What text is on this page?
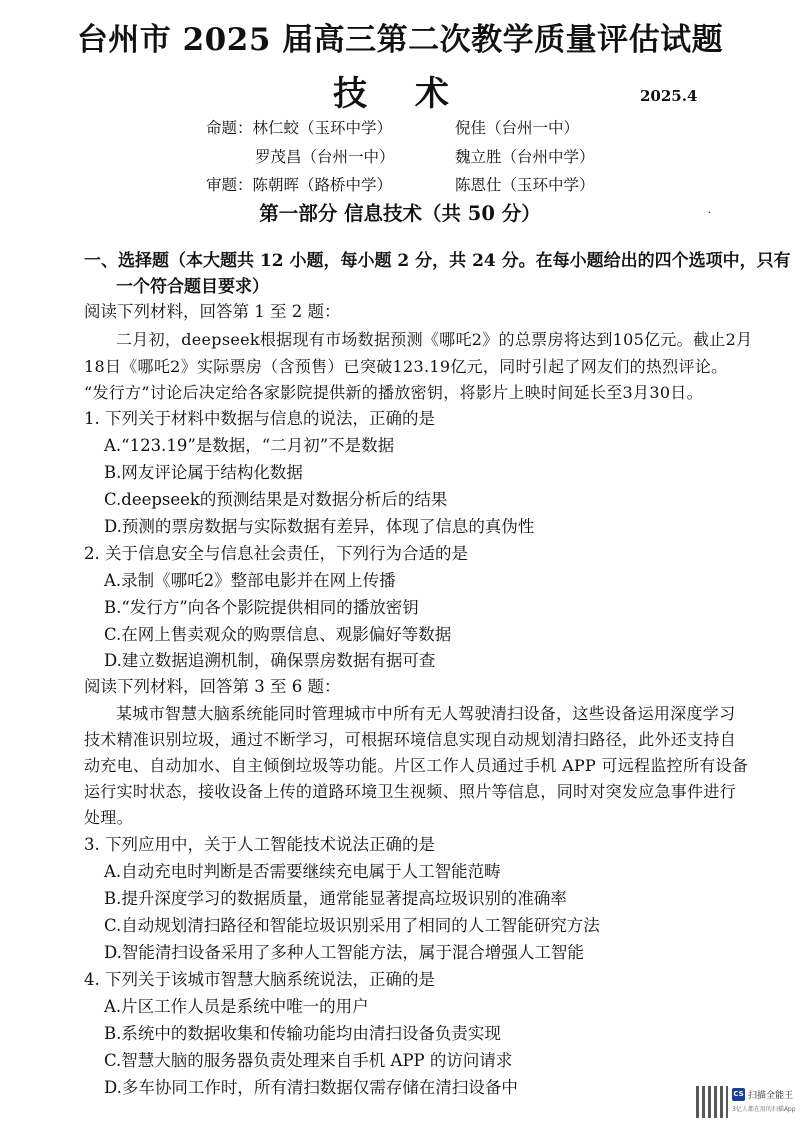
台州市 2025 届高三第二次教学质量评估试题
技 术	2025.4
命题：林仁蛟（玉环中学）	倪佳（台州一中）
罗茂昌（台州一中）	魏立胜（台州中学）
审题：陈朝晖（路桥中学）	陈恩仕（玉环中学）
第一部分 信息技术（共 50 分）	·
一、选择题（本大题共 12 小题，每小题 2 分，共 24 分。在每小题给出的四个选项中，只有
一个符合题目要求）
阅读下列材料，回答第 1 至 2 题：
二月初，deepseek根据现有市场数据预测《哪吒2》的总票房将达到105亿元。截止2月
18日《哪吒2》实际票房（含预售）已突破123.19亿元，同时引起了网友们的热烈评论。
“发行方”讨论后决定给各家影院提供新的播放密钥，将影片上映时间延长至3月30日。
1. 下列关于材料中数据与信息的说法，正确的是
A.“123.19”是数据，“二月初”不是数据
B.网友评论属于结构化数据
C.deepseek的预测结果是对数据分析后的结果
D.预测的票房数据与实际数据有差异，体现了信息的真伪性
2. 关于信息安全与信息社会责任，下列行为合适的是
A.录制《哪吒2》整部电影并在网上传播
B.“发行方”向各个影院提供相同的播放密钥
C.在网上售卖观众的购票信息、观影偏好等数据
D.建立数据追溯机制，确保票房数据有据可查
阅读下列材料，回答第 3 至 6 题：
某城市智慧大脑系统能同时管理城市中所有无人驾驶清扫设备，这些设备运用深度学习
技术精准识别垃圾，通过不断学习，可根据环境信息实现自动规划清扫路径，此外还支持自
动充电、自动加水、自主倾倒垃圾等功能。片区工作人员通过手机 APP 可远程监控所有设备
运行实时状态，接收设备上传的道路环境卫生视频、照片等信息，同时对突发应急事件进行
处理。
3. 下列应用中，关于人工智能技术说法正确的是
A.自动充电时判断是否需要继续充电属于人工智能范畴
B.提升深度学习的数据质量，通常能显著提高垃圾识别的准确率
C.自动规划清扫路径和智能垃圾识别采用了相同的人工智能研究方法
D.智能清扫设备采用了多种人工智能方法，属于混合增强人工智能
4. 下列关于该城市智慧大脑系统说法，正确的是
A.片区工作人员是系统中唯一的用户
B.系统中的数据收集和传输功能均由清扫设备负责实现
C.智慧大脑的服务器负责处理来自手机 APP 的访问请求
D.多车协同工作时，所有清扫数据仅需存储在清扫设备中	CS 扫描全能王
3亿人都在用的扫描App
